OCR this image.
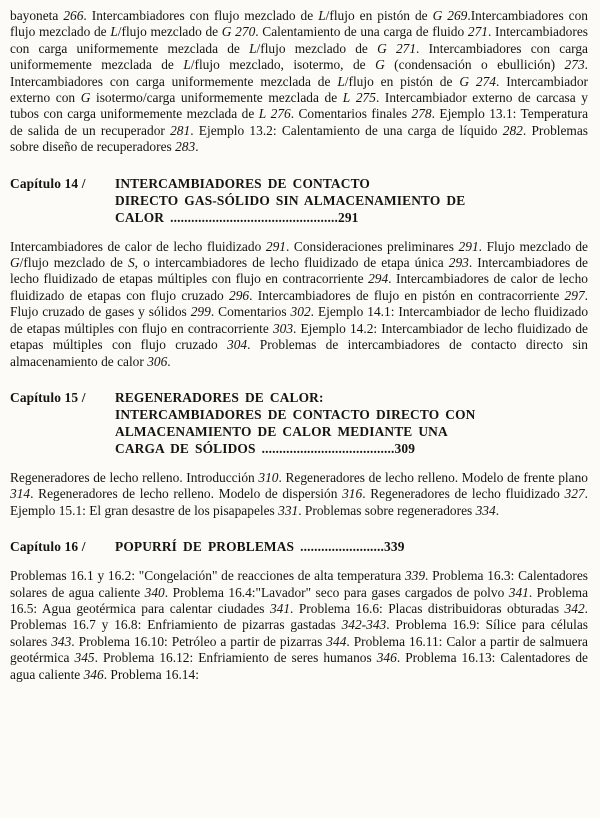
bayoneta 266. Intercambiadores con flujo mezclado de L/flujo en pistón de G 269.Intercambiadores con flujo mezclado de L/flujo mezclado de G 270. Calentamiento de una carga de fluido 271. Intercambiadores con carga uniformemente mezclada de L/flujo mezclado de G 271. Intercambiadores con carga uniformemente mezclada de L/flujo mezclado, isotermo, de G (condensación o ebullición) 273. Intercambiadores con carga uniformemente mezclada de L/flujo en pistón de G 274. Intercambiador externo con G isotermo/carga uniformemente mezclada de L 275. Intercambiador externo de carcasa y tubos con carga uniformemente mezclada de L 276. Comentarios finales 278. Ejemplo 13.1: Temperatura de salida de un recuperador 281. Ejemplo 13.2: Calentamiento de una carga de líquido 282. Problemas sobre diseño de recuperadores 283.

Capítulo 14 / INTERCAMBIADORES DE CONTACTO
DIRECTO GAS-SÓLIDO SIN ALMACENAMIENTO DE
CALOR ................................................291

Intercambiadores de calor de lecho fluidizado 291. Consideraciones preliminares 291. Flujo mezclado de G/flujo mezclado de S, o intercambiadores de lecho fluidizado de etapa única 293. Intercambiadores de lecho fluidizado de etapas múltiples con flujo en contracorriente 294. Intercambiadores de calor de lecho fluidizado de etapas con flujo cruzado 296. Intercambiadores de flujo en pistón en contracorriente 297. Flujo cruzado de gases y sólidos 299. Comentarios 302. Ejemplo 14.1: Intercambiador de lecho fluidizado de etapas múltiples con flujo en contracorriente 303. Ejemplo 14.2: Intercambiador de lecho fluidizado de etapas múltiples con flujo cruzado 304. Problemas de intercambiadores de contacto directo sin almacenamiento de calor 306.

Capítulo 15 / REGENERADORES DE CALOR:
INTERCAMBIADORES DE CONTACTO DIRECTO CON
ALMACENAMIENTO DE CALOR MEDIANTE UNA
CARGA DE SÓLIDOS ......................................309

Regeneradores de lecho relleno. Introducción 310. Regeneradores de lecho relleno. Modelo de frente plano 314. Regeneradores de lecho relleno. Modelo de dispersión 316. Regeneradores de lecho fluidizado 327. Ejemplo 15.1: El gran desastre de los pisapapeles 331. Problemas sobre regeneradores 334.

Capítulo 16 / POPURRÍ DE PROBLEMAS ........................339

Problemas 16.1 y 16.2: "Congelación" de reacciones de alta temperatura 339. Problema 16.3: Calentadores solares de agua caliente 340. Problema 16.4:"Lavador" seco para gases cargados de polvo 341. Problema 16.5: Agua geotérmica para calentar ciudades 341. Problema 16.6: Placas distribuidoras obturadas 342. Problemas 16.7 y 16.8: Enfriamiento de pizarras gastadas 342-343. Problema 16.9: Sílice para células solares 343. Problema 16.10: Petróleo a partir de pizarras 344. Problema 16.11: Calor a partir de salmuera geotérmica 345. Problema 16.12: Enfriamiento de seres humanos 346. Problema 16.13: Calentadores de agua caliente 346. Problema 16.14:
